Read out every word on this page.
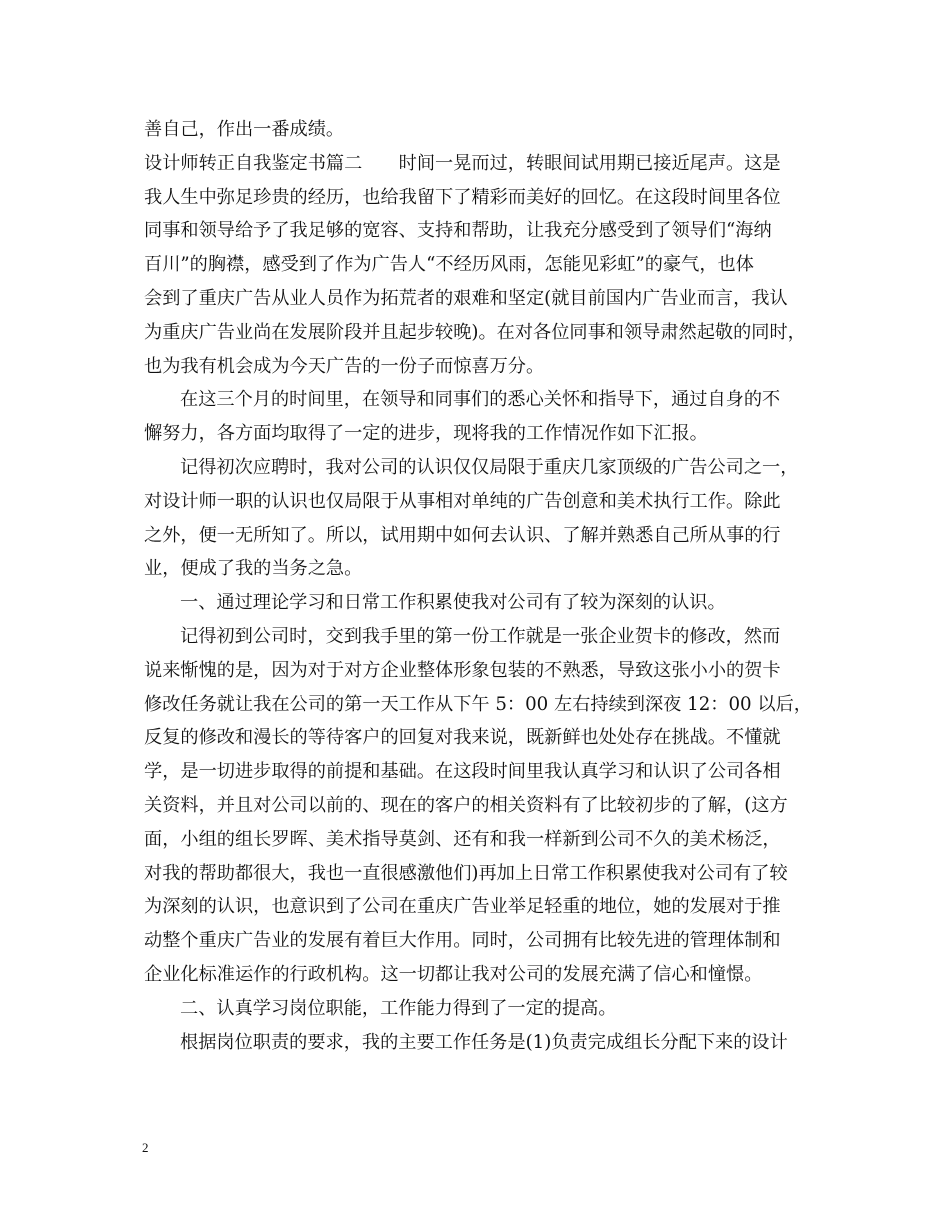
善自己，作出一番成绩。
设计师转正自我鉴定书篇二　　时间一晃而过，转眼间试用期已接近尾声。这是
我人生中弥足珍贵的经历，也给我留下了精彩而美好的回忆。在这段时间里各位
同事和领导给予了我足够的宽容、支持和帮助，让我充分感受到了领导们“海纳
百川”的胸襟，感受到了作为广告人“不经历风雨，怎能见彩虹”的豪气，也体
会到了重庆广告从业人员作为拓荒者的艰难和坚定(就目前国内广告业而言，我认
为重庆广告业尚在发展阶段并且起步较晚)。在对各位同事和领导肃然起敬的同时，
也为我有机会成为今天广告的一份子而惊喜万分。
在这三个月的时间里，在领导和同事们的悉心关怀和指导下，通过自身的不
懈努力，各方面均取得了一定的进步，现将我的工作情况作如下汇报。
记得初次应聘时，我对公司的认识仅仅局限于重庆几家顶级的广告公司之一，
对设计师一职的认识也仅局限于从事相对单纯的广告创意和美术执行工作。除此
之外，便一无所知了。所以，试用期中如何去认识、了解并熟悉自己所从事的行
业，便成了我的当务之急。
一、通过理论学习和日常工作积累使我对公司有了较为深刻的认识。
记得初到公司时，交到我手里的第一份工作就是一张企业贺卡的修改，然而
说来惭愧的是，因为对于对方企业整体形象包装的不熟悉，导致这张小小的贺卡
修改任务就让我在公司的第一天工作从下午 5：00 左右持续到深夜 12：00 以后，
反复的修改和漫长的等待客户的回复对我来说，既新鲜也处处存在挑战。不懂就
学，是一切进步取得的前提和基础。在这段时间里我认真学习和认识了公司各相
关资料，并且对公司以前的、现在的客户的相关资料有了比较初步的了解，(这方
面，小组的组长罗晖、美术指导莫剑、还有和我一样新到公司不久的美术杨泛，
对我的帮助都很大，我也一直很感激他们)再加上日常工作积累使我对公司有了较
为深刻的认识，也意识到了公司在重庆广告业举足轻重的地位，她的发展对于推
动整个重庆广告业的发展有着巨大作用。同时，公司拥有比较先进的管理体制和
企业化标准运作的行政机构。这一切都让我对公司的发展充满了信心和憧憬。
二、认真学习岗位职能，工作能力得到了一定的提高。
根据岗位职责的要求，我的主要工作任务是(1)负责完成组长分配下来的设计
2
